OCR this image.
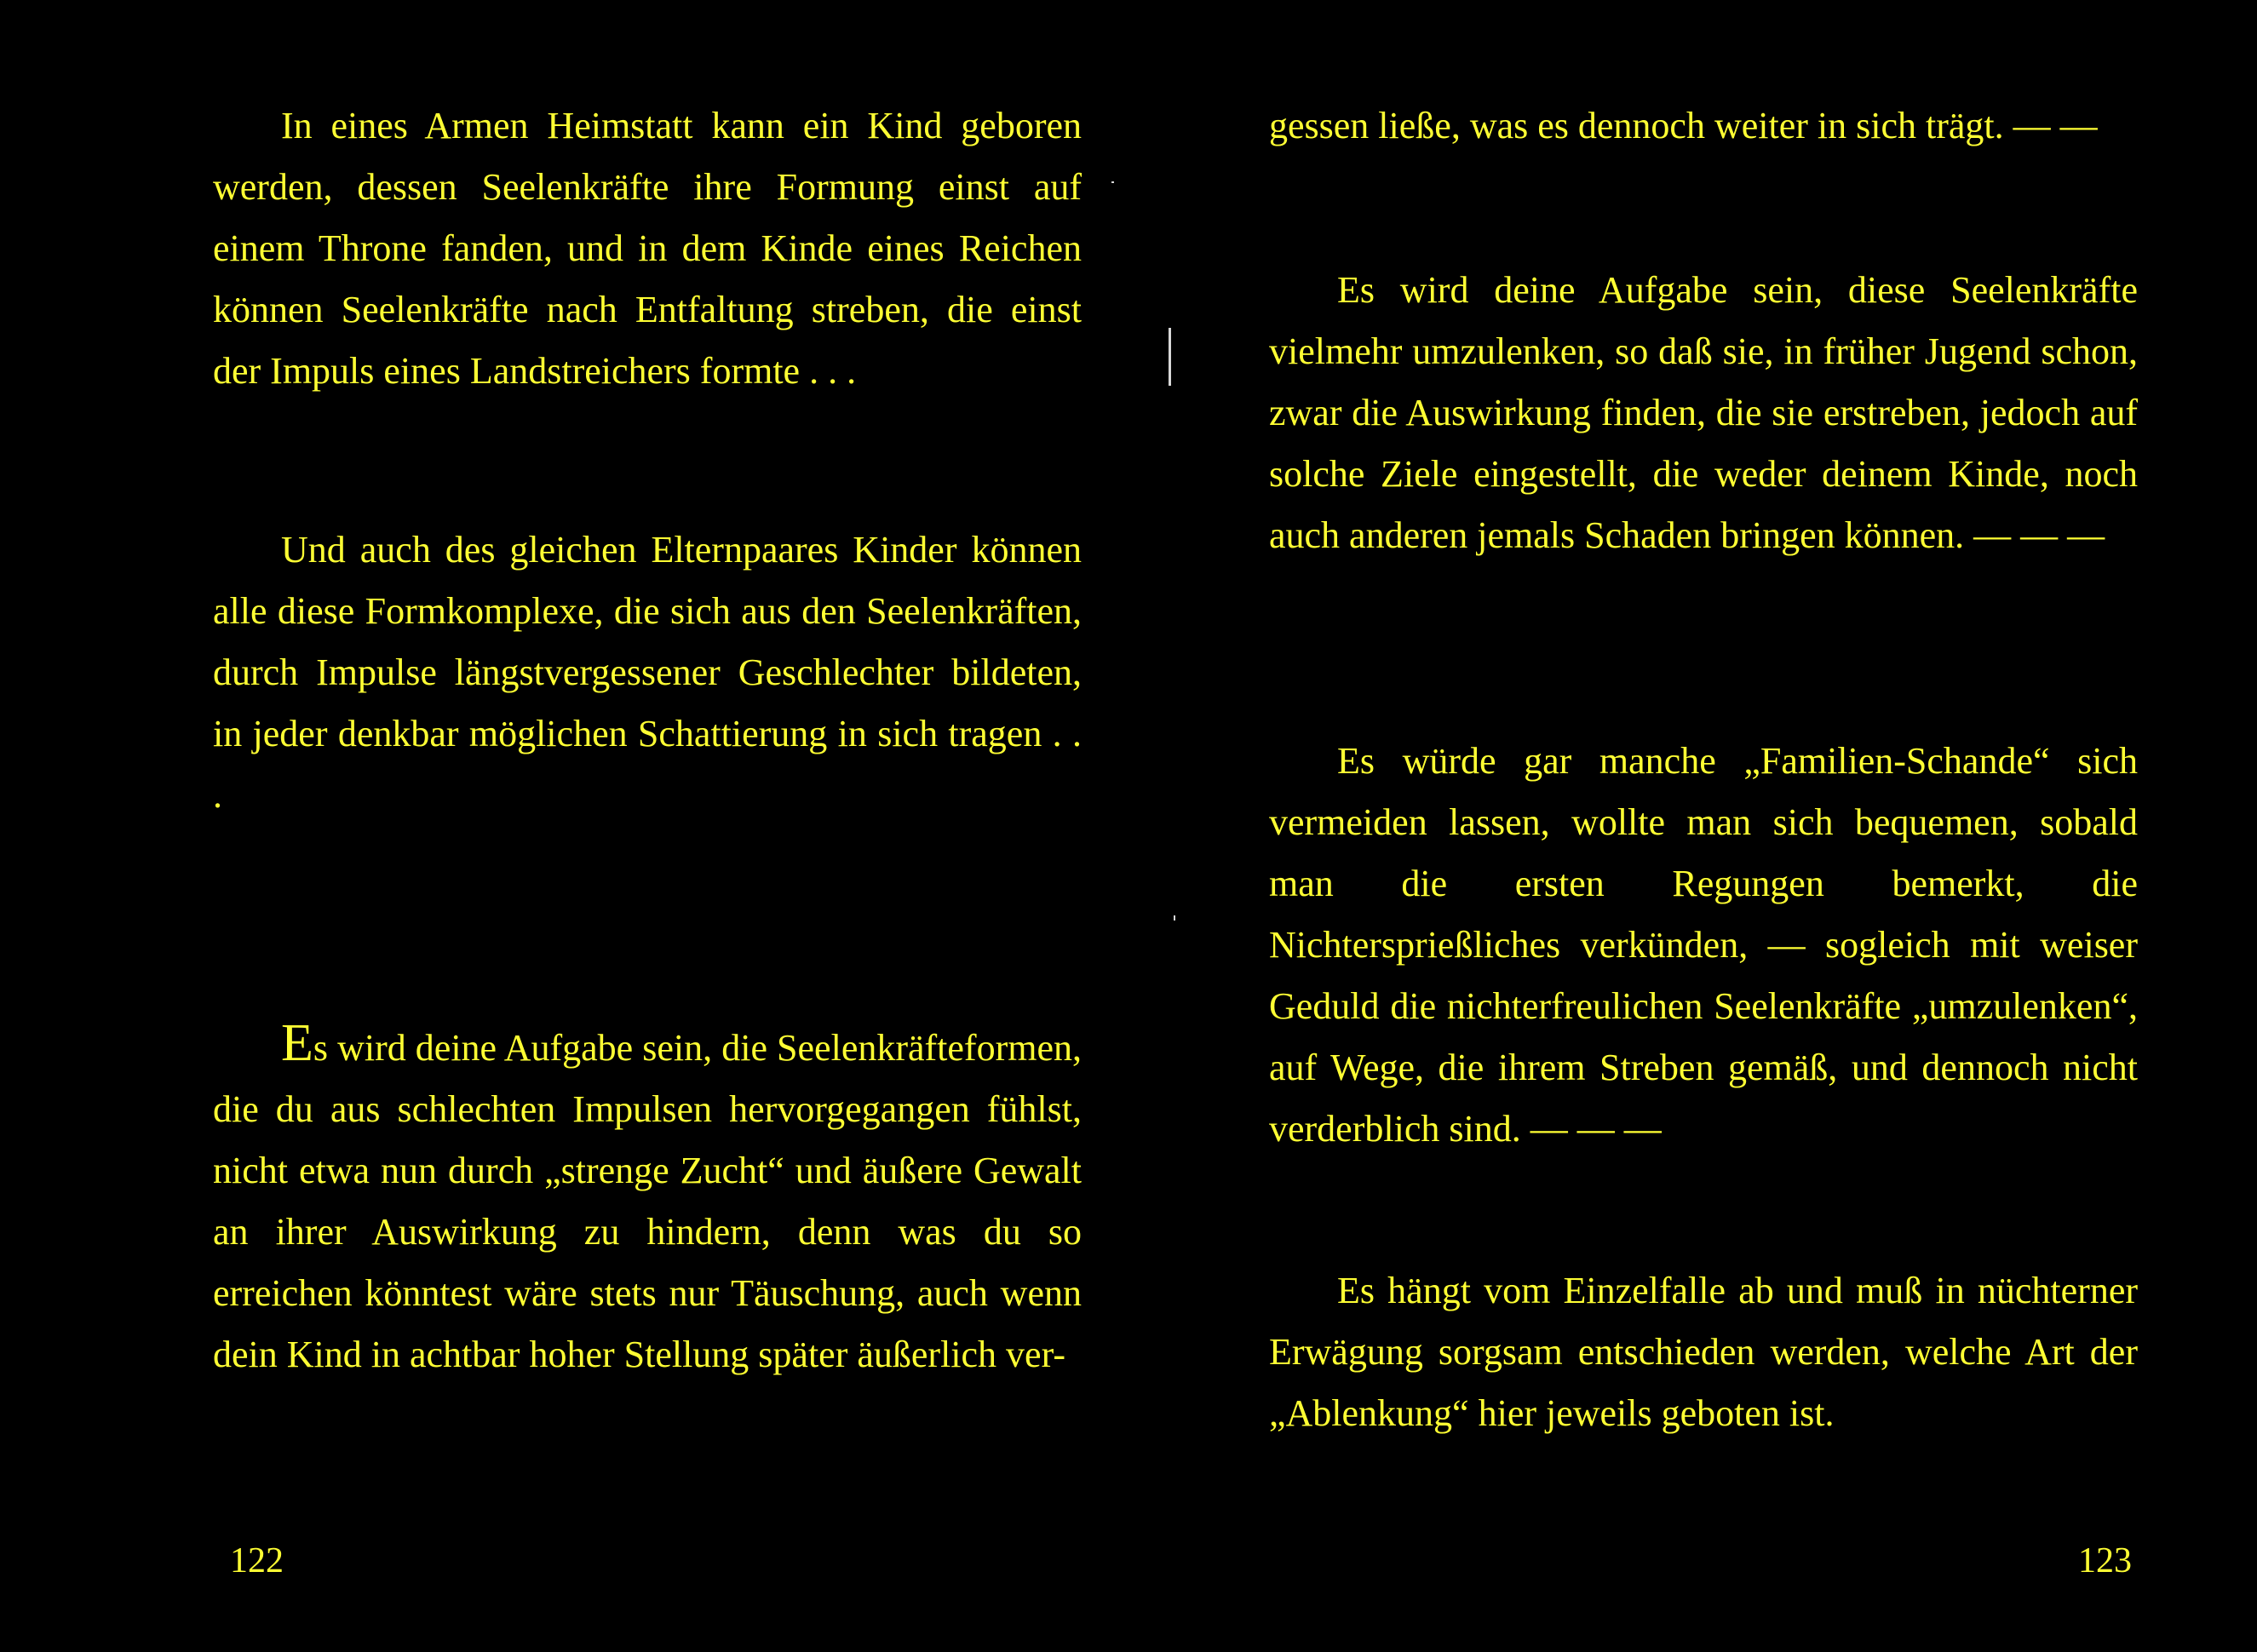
In eines Armen Heimstatt kann ein Kind geboren werden, dessen Seelenkräfte ihre Formung einst auf einem Throne fanden, und in dem Kinde eines Reichen können Seelenkräfte nach Entfaltung streben, die einst der Impuls eines Landstreichers formte . . .

Und auch des gleichen Elternpaares Kinder können alle diese Formkomplexe, die sich aus den Seelenkräften, durch Impulse längstvergessener Geschlechter bildeten, in jeder denkbar möglichen Schattierung in sich tragen . . .

Es wird deine Aufgabe sein, die Seelenkräfteformen, die du aus schlechten Impulsen hervorgegangen fühlst, nicht etwa nun durch „strenge Zucht“ und äußere Gewalt an ihrer Auswirkung zu hindern, denn was du so erreichen könntest wäre stets nur Täuschung, auch wenn dein Kind in achtbar hoher Stellung später äußerlich ver-

122

gessen ließe, was es dennoch weiter in sich trägt. — —

Es wird deine Aufgabe sein, diese Seelenkräfte vielmehr umzulenken, so daß sie, in früher Jugend schon, zwar die Auswirkung finden, die sie erstreben, jedoch auf solche Ziele eingestellt, die weder deinem Kinde, noch auch anderen jemals Schaden bringen können. — — —

Es würde gar manche „Familien-Schande“ sich vermeiden lassen, wollte man sich bequemen, sobald man die ersten Regungen bemerkt, die Nichtersprießliches verkünden, — sogleich mit weiser Geduld die nichterfreulichen Seelenkräfte „umzulenken“, auf Wege, die ihrem Streben gemäß, und dennoch nicht verderblich sind. — — —

Es hängt vom Einzelfalle ab und muß in nüchterner Erwägung sorgsam entschieden werden, welche Art der „Ablenkung“ hier jeweils geboten ist.

123
